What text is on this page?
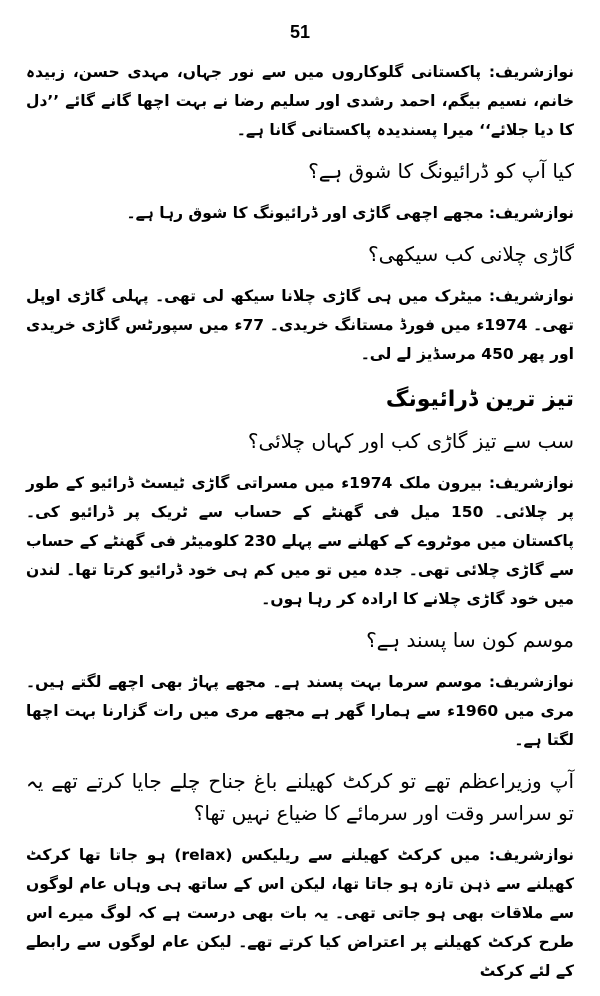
51

نوازشریف: پاکستانی گلوکاروں میں سے نور جہاں، مہدی حسن، زبیدہ خانم، نسیم بیگم، احمد رشدی اور سلیم رضا نے بہت اچھا گانے گائے ’’دل کا دیا جلائے‘‘ میرا پسندیدہ پاکستانی گانا ہے۔

کیا آپ کو ڈرائیونگ کا شوق ہے؟

نوازشریف: مجھے اچھی گاڑی اور ڈرائیونگ کا شوق رہا ہے۔

گاڑی چلانی کب سیکھی؟

نوازشریف: میٹرک میں ہی گاڑی چلانا سیکھ لی تھی۔ پہلی گاڑی اوپل تھی۔ 1974ء میں فورڈ مستانگ خریدی۔ 77ء میں سپورٹس گاڑی خریدی اور پھر 450 مرسڈیز لے لی۔

تیز ترین ڈرائیونگ

سب سے تیز گاڑی کب اور کہاں چلائی؟

نوازشریف: بیرون ملک 1974ء میں مسراتی گاڑی ٹیسٹ ڈرائیو کے طور پر چلائی۔ 150 میل فی گھنٹے کے حساب سے ٹریک پر ڈرائیو کی۔ پاکستان میں موٹروے کے کھلنے سے پہلے 230 کلومیٹر فی گھنٹے کے حساب سے گاڑی چلائی تھی۔ جدہ میں تو میں کم ہی خود ڈرائیو کرتا تھا۔ لندن میں خود گاڑی چلانے کا ارادہ کر رہا ہوں۔

موسم کون سا پسند ہے؟

نوازشریف: موسم سرما بہت پسند ہے۔ مجھے پہاڑ بھی اچھے لگتے ہیں۔ مری میں 1960ء سے ہمارا گھر ہے مجھے مری میں رات گزارنا بہت اچھا لگتا ہے۔

آپ وزیراعظم تھے تو کرکٹ کھیلنے باغ جناح چلے جایا کرتے تھے یہ تو سراسر وقت اور سرمائے کا ضیاع نہیں تھا؟

نوازشریف: میں کرکٹ کھیلنے سے ریلیکس (relax) ہو جاتا تھا کرکٹ کھیلنے سے ذہن تازہ ہو جاتا تھا، لیکن اس کے ساتھ ہی وہاں عام لوگوں سے ملاقات بھی ہو جاتی تھی۔ یہ بات بھی درست ہے کہ لوگ میرے اس طرح کرکٹ کھیلنے پر اعتراض کیا کرتے تھے۔ لیکن عام لوگوں سے رابطے کے لئے کرکٹ
